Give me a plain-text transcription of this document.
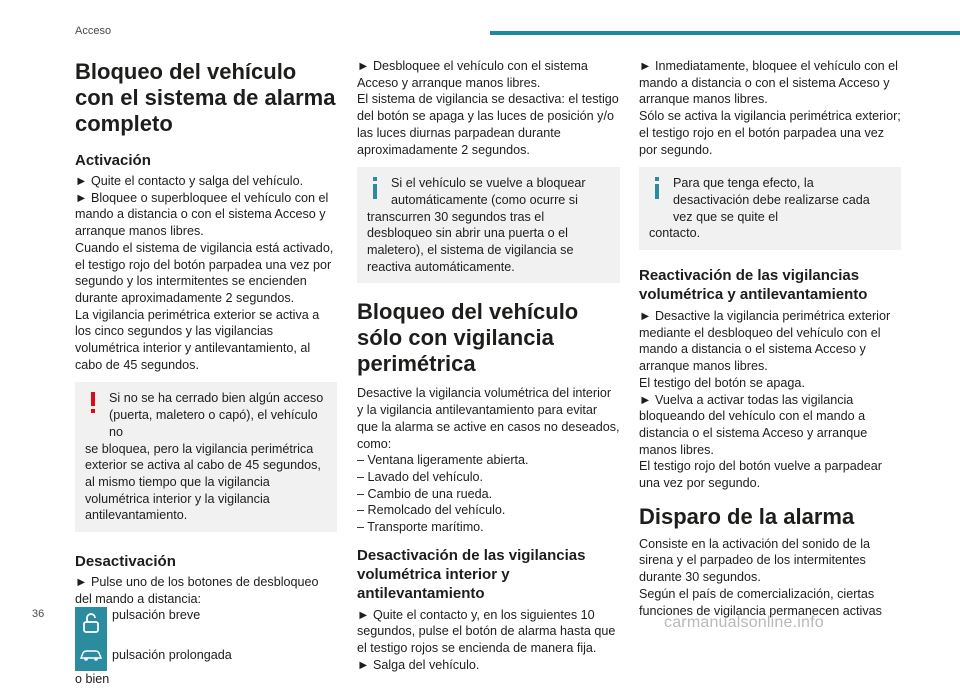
Acceso
Bloqueo del vehículo con el sistema de alarma completo
Activación

► Quite el contacto y salga del vehículo.

► Bloquee o superbloquee el vehículo con el mando a distancia o con el sistema Acceso y arranque manos libres.

Cuando el sistema de vigilancia está activado, el testigo rojo del botón parpadea una vez por segundo y los intermitentes se encienden durante aproximadamente 2 segundos.

La vigilancia perimétrica exterior se activa a los cinco segundos y las vigilancias volumétrica interior y antilevantamiento, al cabo de 45 segundos.

Si no se ha cerrado bien algún acceso (puerta, maletero o capó), el vehículo no

se bloquea, pero la vigilancia perimétrica exterior se activa al cabo de 45 segundos, al mismo tiempo que la vigilancia volumétrica interior y la vigilancia antilevantamiento.

Desactivación

► Pulse uno de los botones de desbloqueo del mando a distancia:

pulsación breve
pulsación prolongada

o bien

► Desbloquee el vehículo con el sistema Acceso y arranque manos libres.

El sistema de vigilancia se desactiva: el testigo del botón se apaga y las luces de posición y/o las luces diurnas parpadean durante aproximadamente 2 segundos.

Si el vehículo se vuelve a bloquear automáticamente (como ocurre si

transcurren 30 segundos tras el desbloqueo sin abrir una puerta o el maletero), el sistema de vigilancia se reactiva automáticamente.

Bloqueo del vehículo sólo con vigilancia perimétrica

Desactive la vigilancia volumétrica del interior y la vigilancia antilevantamiento para evitar que la alarma se active en casos no deseados, como:

– Ventana ligeramente abierta.

– Lavado del vehículo.

– Cambio de una rueda.

– Remolcado del vehículo.

– Transporte marítimo.

Desactivación de las vigilancias volumétrica interior y antilevantamiento

► Quite el contacto y, en los siguientes 10 segundos, pulse el botón de alarma hasta que el testigo rojos se encienda de manera fija.

► Salga del vehículo.

► Inmediatamente, bloquee el vehículo con el mando a distancia o con el sistema Acceso y arranque manos libres.

Sólo se activa la vigilancia perimétrica exterior; el testigo rojo en el botón parpadea una vez por segundo.

Para que tenga efecto, la desactivación debe realizarse cada vez que se quite el

contacto.

Reactivación de las vigilancias volumétrica y antilevantamiento

► Desactive la vigilancia perimétrica exterior mediante el desbloqueo del vehículo con el mando a distancia o el sistema Acceso y arranque manos libres.

El testigo del botón se apaga.

► Vuelva a activar todas las vigilancia bloqueando del vehículo con el mando a distancia o el sistema Acceso y arranque manos libres.

El testigo rojo del botón vuelve a parpadear una vez por segundo.

Disparo de la alarma

Consiste en la activación del sonido de la sirena y el parpadeo de los intermitentes durante 30 segundos.

Según el país de comercialización, ciertas funciones de vigilancia permanecen activas

36	carmanualsonline.info
